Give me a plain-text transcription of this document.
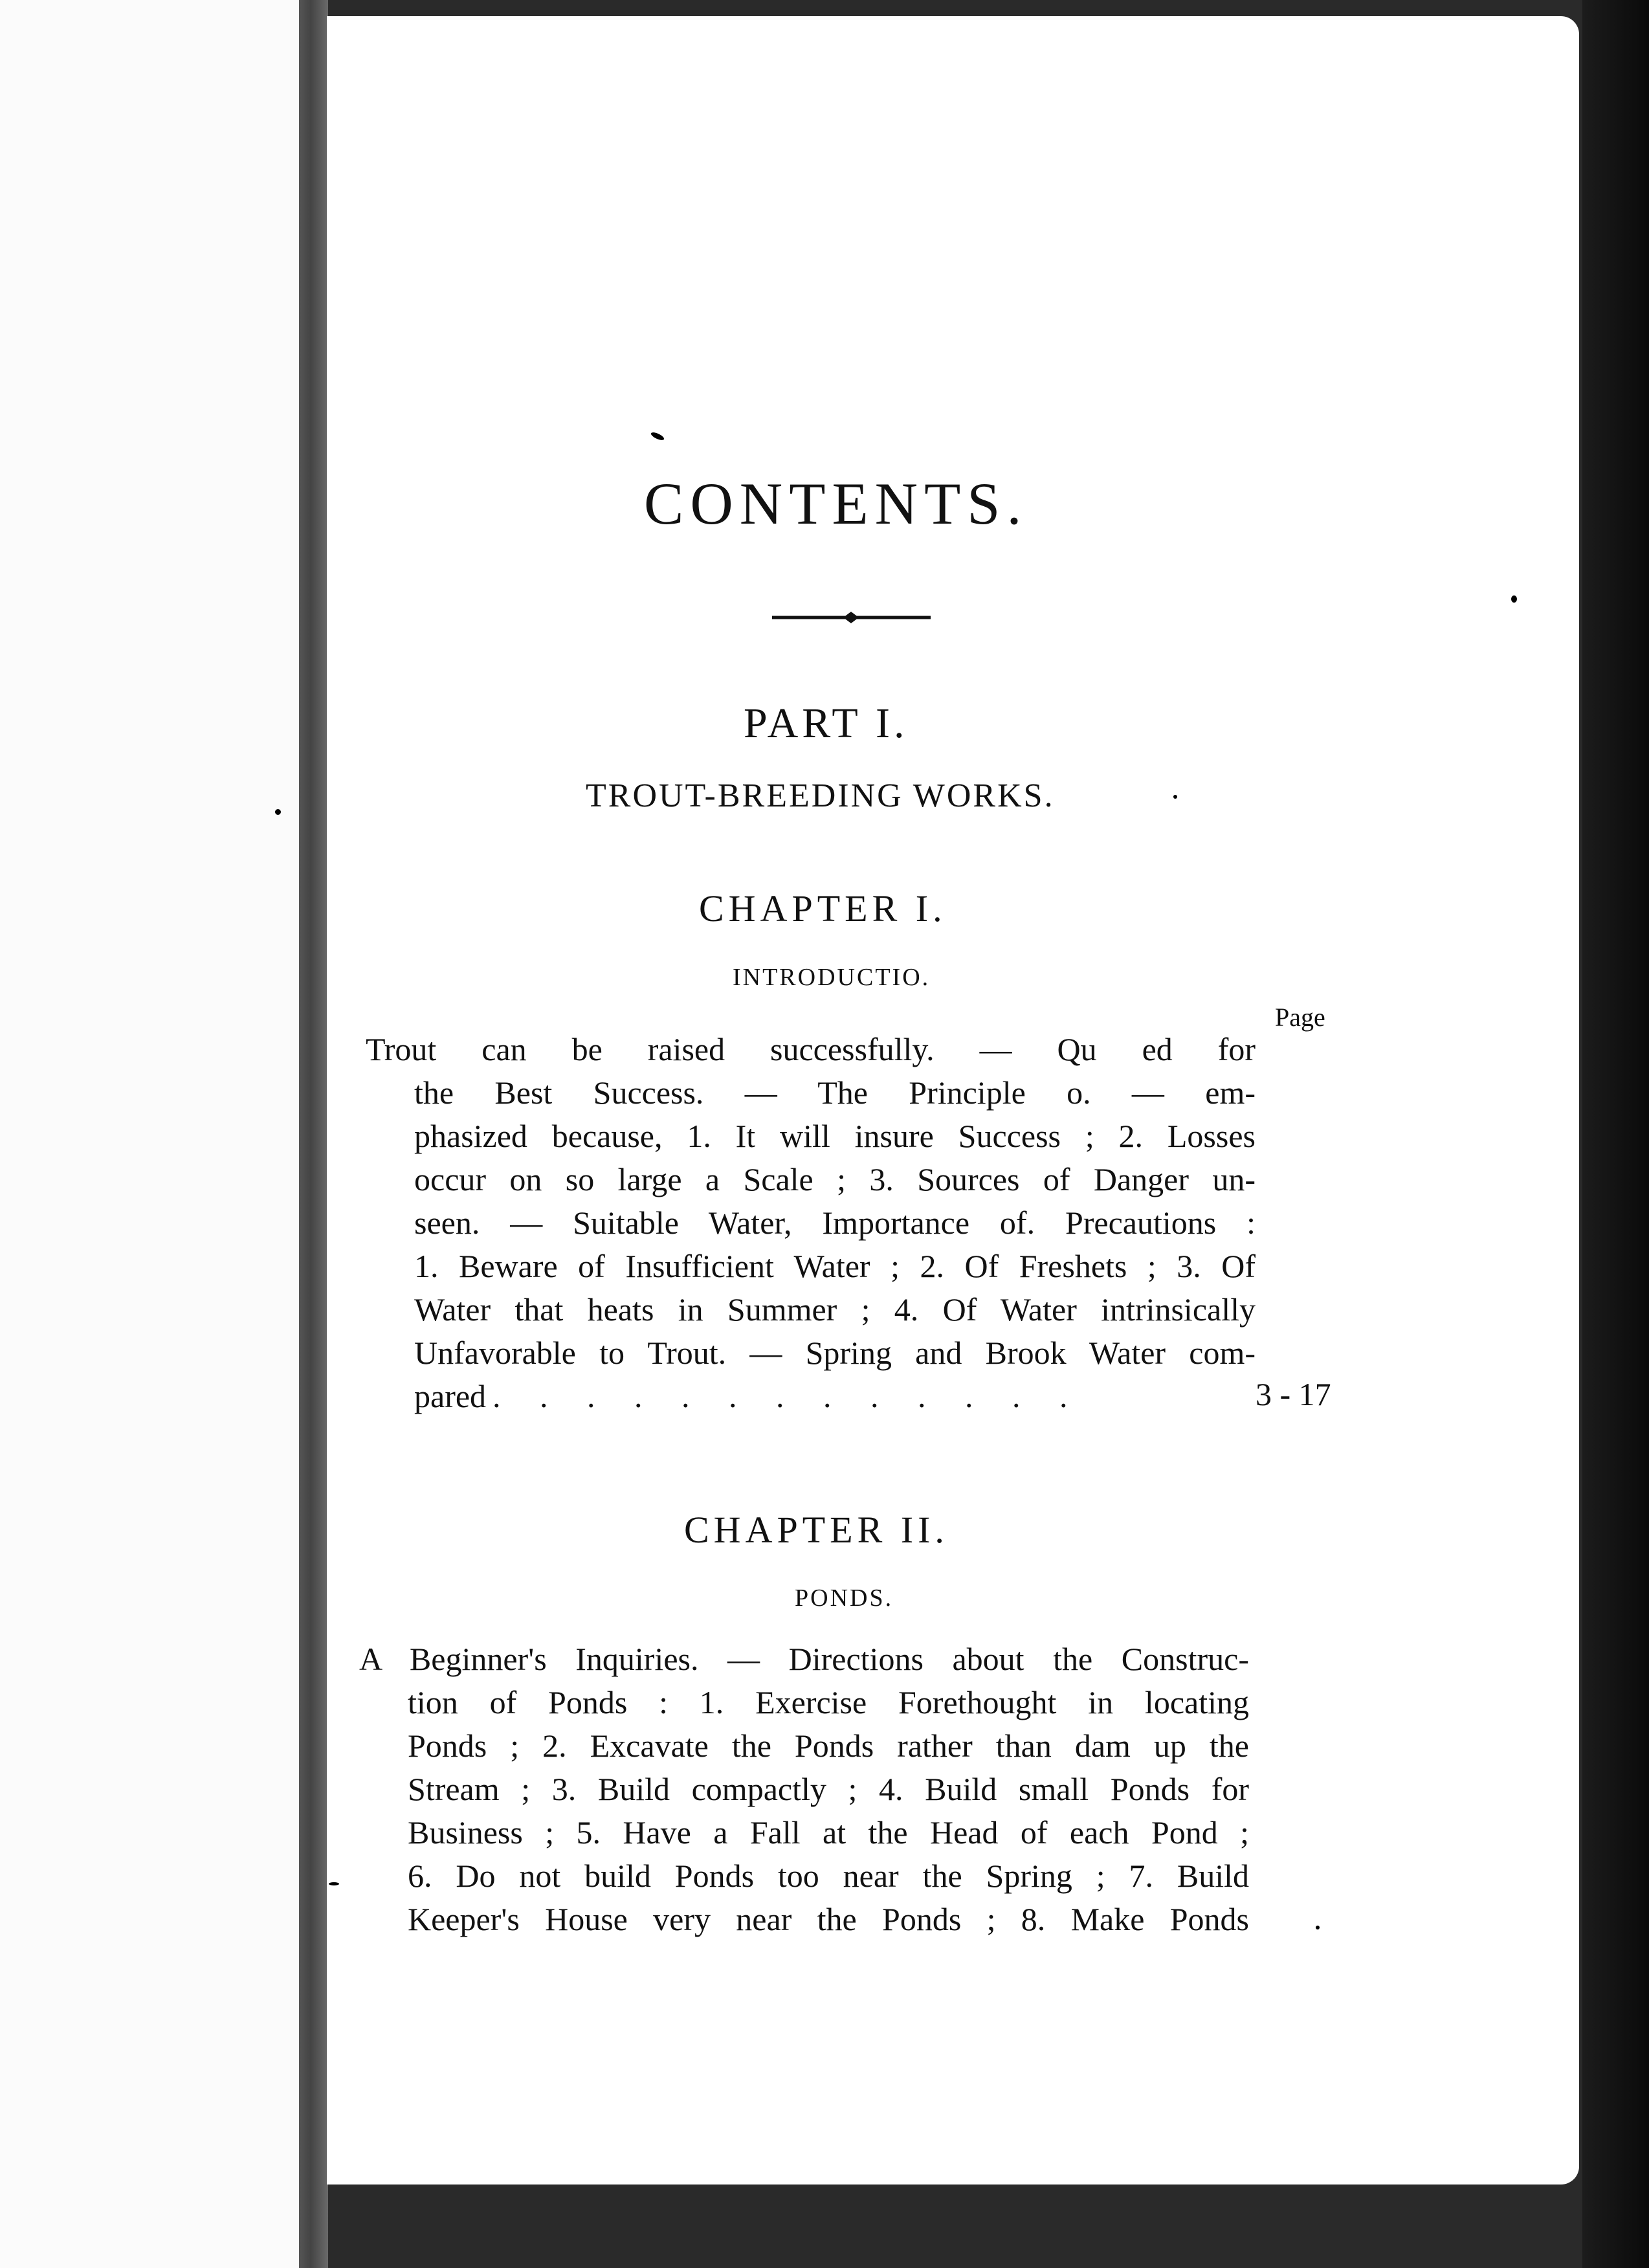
CONTENTS.
PART I.
TROUT-BREEDING WORKS.
CHAPTER I.
INTRODUCTIO.
Page
Trout can be raised successfully. — Qu ed for
the Best Success. — The Principle o. — em-
phasized because, 1. It will insure Success ; 2. Losses
occur on so large a Scale ; 3. Sources of Danger un-
seen. — Suitable Water, Importance of. Precautions :
1. Beware of Insufficient Water ; 2. Of Freshets ; 3. Of
Water that heats in Summer ; 4. Of Water intrinsically
Unfavorable to Trout. — Spring and Brook Water com-
pared . . . . . . . . . . . . .	3 - 17
CHAPTER II.
PONDS.
A Beginner's Inquiries. — Directions about the Construc-
tion of Ponds : 1. Exercise Forethought in locating
Ponds ; 2. Excavate the Ponds rather than dam up the
Stream ; 3. Build compactly ; 4. Build small Ponds for
Business ; 5. Have a Fall at the Head of each Pond ;
6. Do not build Ponds too near the Spring ; 7. Build
Keeper's House very near the Ponds ; 8. Make Ponds
